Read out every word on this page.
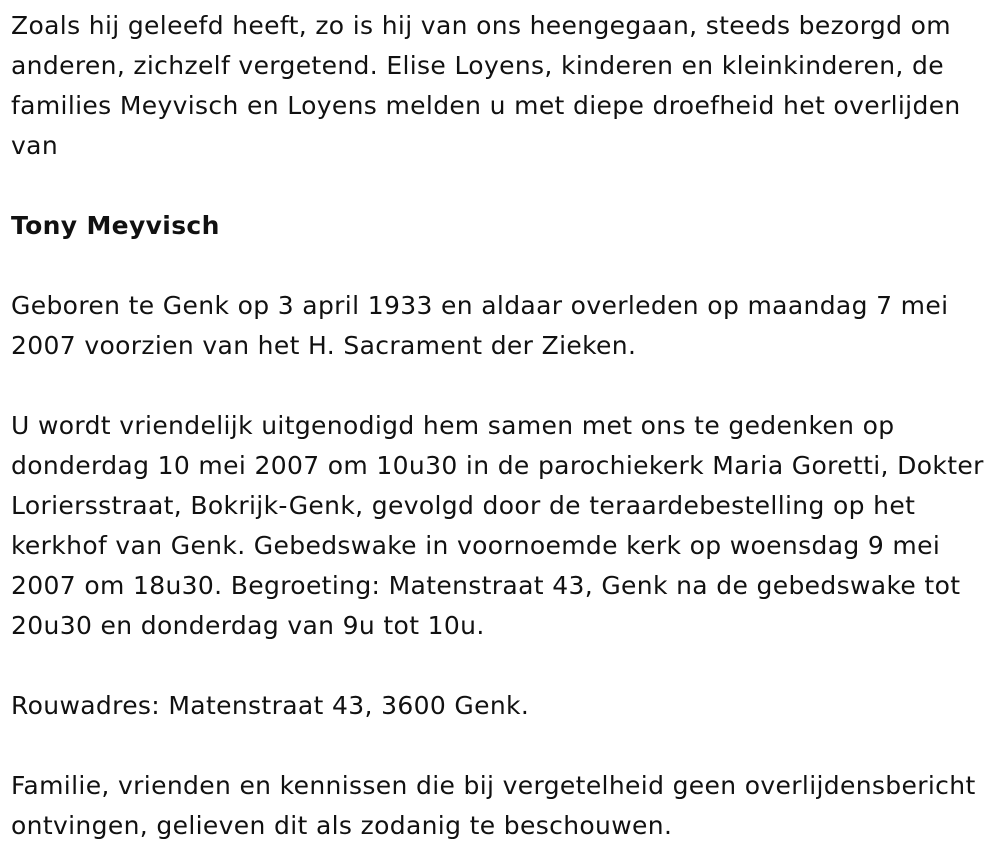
Zoals hij geleefd heeft, zo is hij van ons heengegaan, steeds bezorgd om anderen, zichzelf vergetend. Elise Loyens, kinderen en kleinkinderen, de families Meyvisch en Loyens melden u met diepe droefheid het overlijden van

Tony Meyvisch

Geboren te Genk op 3 april 1933 en aldaar overleden op maandag 7 mei 2007 voorzien van het H. Sacrament der Zieken.

U wordt vriendelijk uitgenodigd hem samen met ons te gedenken op donderdag 10 mei 2007 om 10u30 in de parochiekerk Maria Goretti, Dokter Loriersstraat, Bokrijk-Genk, gevolgd door de teraardebestelling op het kerkhof van Genk. Gebedswake in voornoemde kerk op woensdag 9 mei 2007 om 18u30. Begroeting: Matenstraat 43, Genk na de gebedswake tot 20u30 en donderdag van 9u tot 10u.

Rouwadres: Matenstraat 43, 3600 Genk.

Familie, vrienden en kennissen die bij vergetelheid geen overlijdensbericht ontvingen, gelieven dit als zodanig te beschouwen.
